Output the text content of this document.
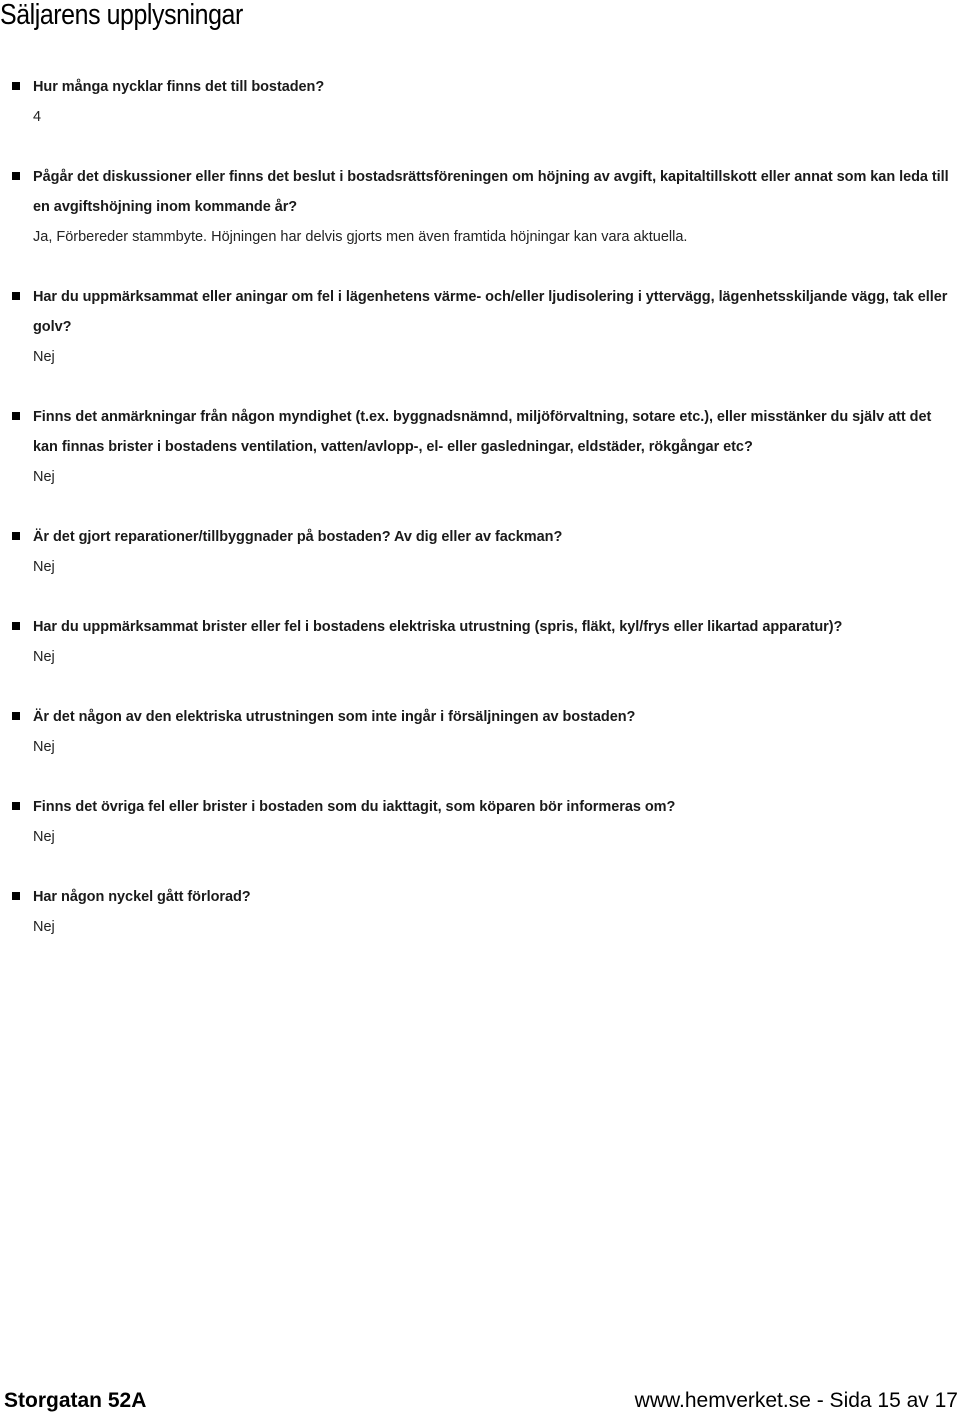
Säljarens upplysningar

Hur många nycklar finns det till bostaden?

4

Pågår det diskussioner eller finns det beslut i bostadsrättsföreningen om höjning av avgift, kapitaltillskott eller annat som kan leda till en avgiftshöjning inom kommande år?

Ja, Förbereder stammbyte. Höjningen har delvis gjorts men även framtida höjningar kan vara aktuella.

Har du uppmärksammat eller aningar om fel i lägenhetens värme- och/eller ljudisolering i yttervägg, lägenhetsskiljande vägg, tak eller golv?

Nej

Finns det anmärkningar från någon myndighet (t.ex. byggnadsnämnd, miljöförvaltning, sotare etc.), eller misstänker du själv att det kan finnas brister i bostadens ventilation, vatten/avlopp-, el- eller gasledningar, eldstäder, rökgångar etc?

Nej

Är det gjort reparationer/tillbyggnader på bostaden? Av dig eller av fackman?

Nej

Har du uppmärksammat brister eller fel i bostadens elektriska utrustning (spris, fläkt, kyl/frys eller likartad apparatur)?

Nej

Är det någon av den elektriska utrustningen som inte ingår i försäljningen av bostaden?

Nej

Finns det övriga fel eller brister i bostaden som du iakttagit, som köparen bör informeras om?

Nej

Har någon nyckel gått förlorad?

Nej

Storgatan 52A	www.hemverket.se - Sida 15 av 17
